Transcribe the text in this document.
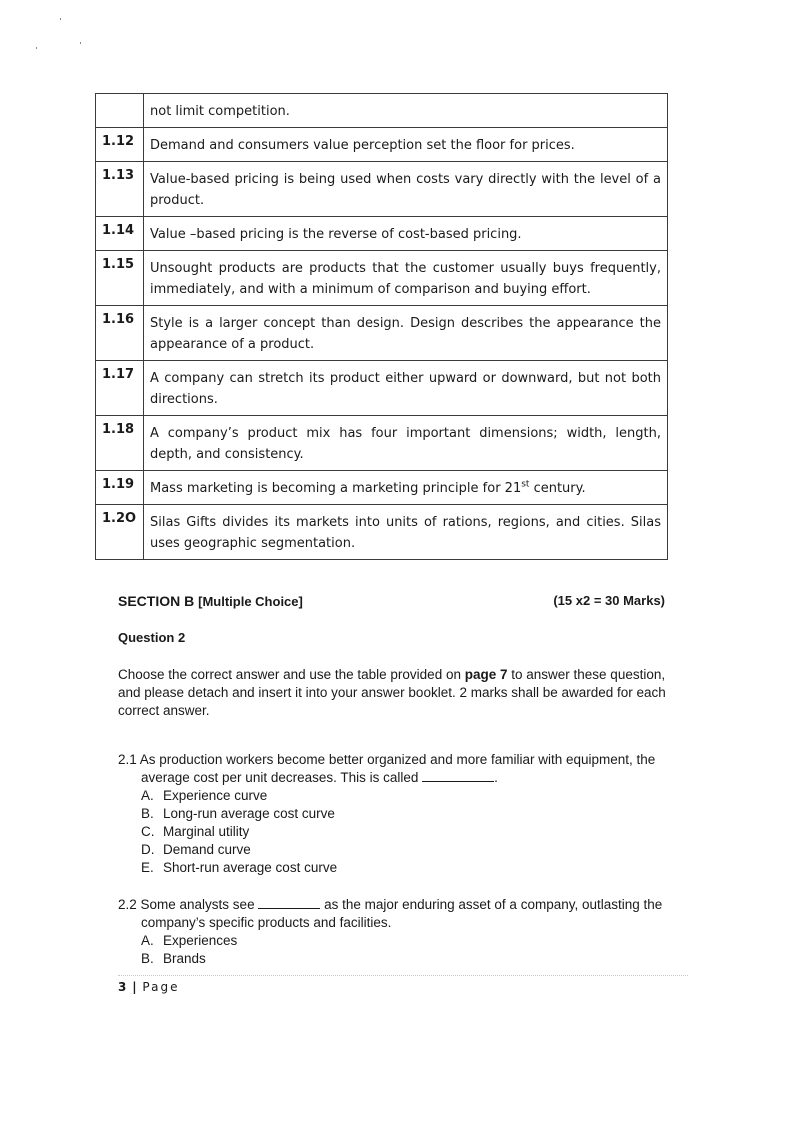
	not limit competition.
1.12	Demand and consumers value perception set the floor for prices.
1.13	Value-based pricing is being used when costs vary directly with the level of a product.
1.14	Value –based pricing is the reverse of cost-based pricing.
1.15	Unsought products are products that the customer usually buys frequently, immediately, and with a minimum of comparison and buying effort.
1.16	Style is a larger concept than design. Design describes the appearance the appearance of a product.
1.17	A company can stretch its product either upward or downward, but not both directions.
1.18	A company’s product mix has four important dimensions; width, length, depth, and consistency.
1.19	Mass marketing is becoming a marketing principle for 21st century.
1.2O	Silas Gifts divides its markets into units of rations, regions, and cities. Silas uses geographic segmentation.
SECTION B [Multiple Choice]	(15 x2 = 30 Marks)
Question 2
Choose the correct answer and use the table provided on page 7 to answer these question, and please detach and insert it into your answer booklet. 2 marks shall be awarded for each correct answer.
2.1 As production workers become better organized and more familiar with equipment, the
average cost per unit decreases. This is called	.
A. Experience curve
B. Long-run average cost curve
C. Marginal utility
D. Demand curve
E. Short-run average cost curve
2.2 Some analysts see	as the major enduring asset of a company, outlasting the
company’s specific products and facilities.
A. Experiences
B. Brands
3 | Page
